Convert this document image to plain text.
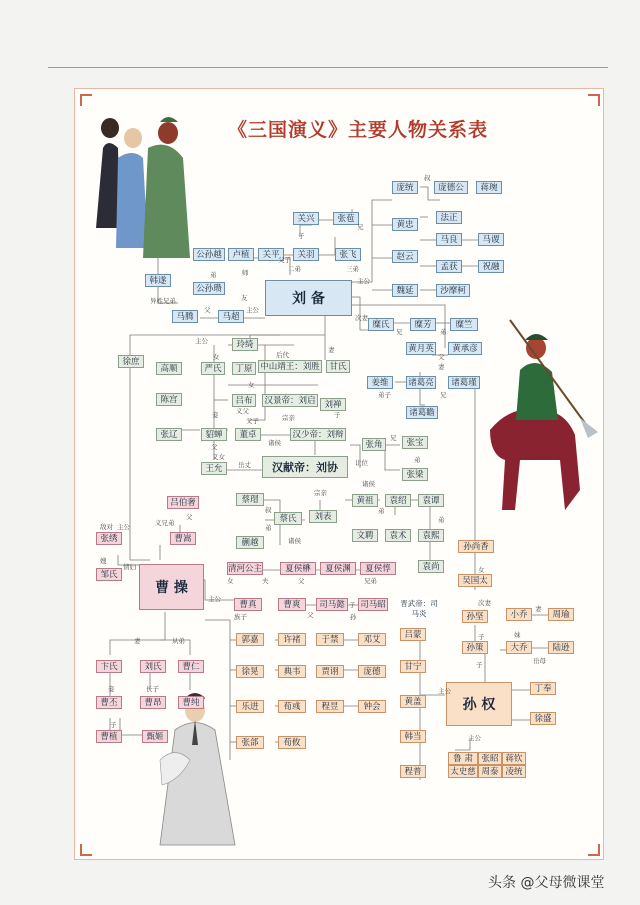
《三国演义》主要人物关系表
关兴	张苞
关羽	张飞
关平
卢植
公孙越
公孙瓒
韩遂
马腾	马超
刘 备
庞统	庞德公	蒋琬
黄忠
法正
马良	马谡
赵云
孟获	祝融
魏延	沙摩柯
糜氏	糜芳	糜竺
黄月英	黄承彦
姜维	诸葛亮	诸葛瑾
诸葛瞻
玲绮
中山靖王：刘胜	甘氏
徐庶
高顺	严氏	丁原
陈宫	吕布	汉景帝：刘启	刘禅
张辽	貂蝉	董卓	汉少帝：刘辩
张角	张宝
张梁
王允	汉献帝：刘协
蔡瑁
蔡氏	刘表
蒯越
黄祖
文聘
袁绍
袁术
袁谭
袁熙
袁尚
吕伯奢
曹嵩
张绣
邹氏
曹 操
清河公主	夏侯楙	夏侯渊	夏侯惇
曹真	曹爽	司马懿	司马昭	晋武帝：司马炎
郭嘉	许褚	于禁	邓艾
徐晃	典韦	贾诩	庞德
乐进	荀彧	程昱	钟会
张郃	荀攸
卞氏	刘氏	曹仁
曹丕	曹昂	曹纯
曹植	甄姬
孙尚香
吴国太
孙坚	小乔	周瑜
孙策	大乔	陆逊
吕蒙
甘宁
黄盖
韩当
程普
孙 权
丁奉
徐盛
鲁 肃	张昭 蒋钦
太史慈 周泰 凌统
叔
兄
子
父子
二弟	三弟
主公
师
弟
友
父
异姓兄弟
主公
次妻
兄	弟
妻
父
后代
女
妻
弟子	兄
主公
义父
女
妾
父子	宗亲
诸侯
子
兄
父
义女
岳丈	让位
诸侯
弟
宗亲
诸侯
叔
弟
弟
弟
父
义兄弟
敌对 主公
嫂
情妇
夫	父	兄弟
女
族子	父
子
孙
主公
妻	从弟
妾	长子
子
女
次妻
子	妹
妻
子	岳母
主公
主公
头条 @父母微课堂
